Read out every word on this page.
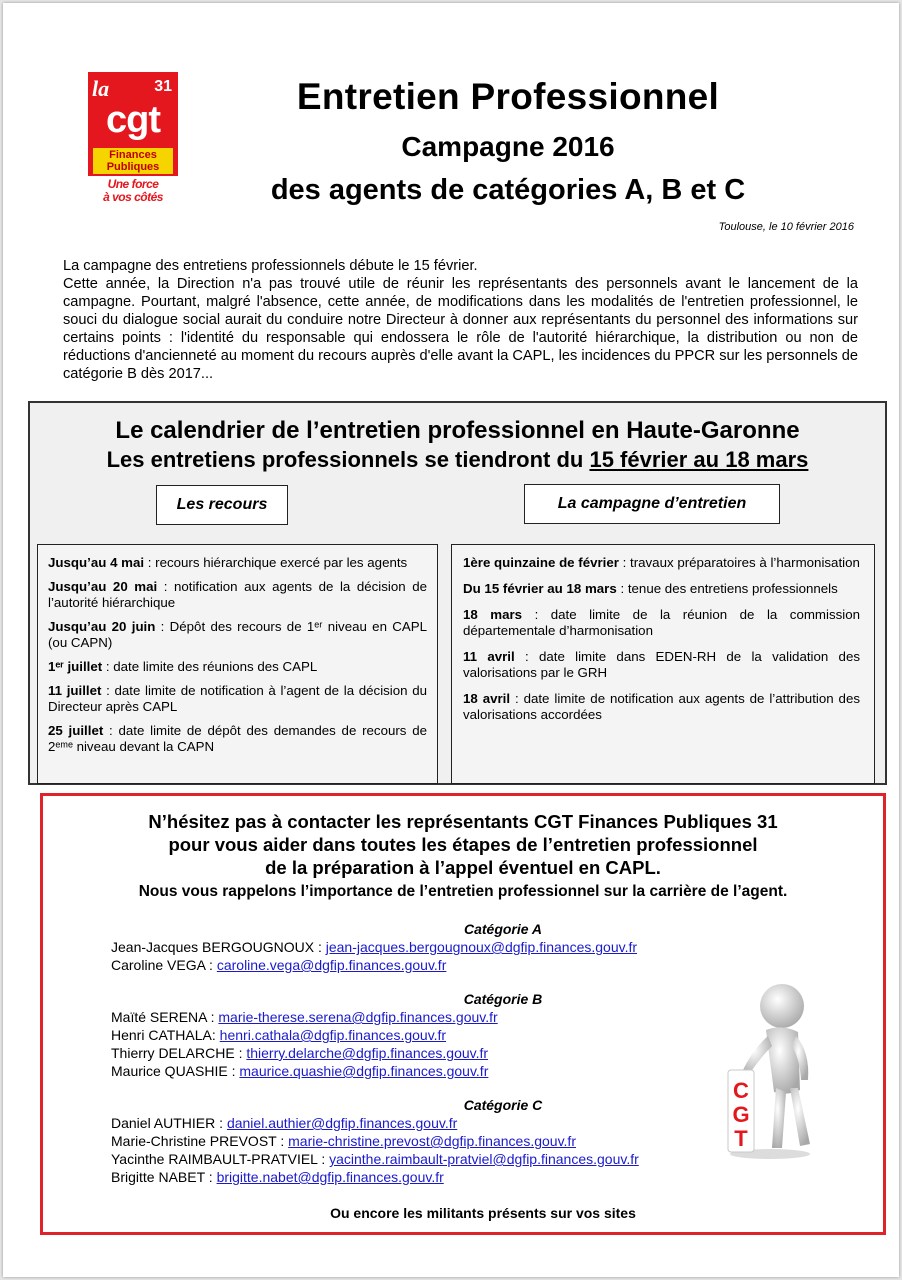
la	31
cgt
Finances Publiques
Une force
à vos côtés
Entretien Professionnel
Campagne 2016
des agents de catégories A, B et C
Toulouse, le 10 février 2016

La campagne des entretiens professionnels débute le 15 février.

Cette année, la Direction n'a pas trouvé utile de réunir les représentants des personnels avant le lancement de la campagne. Pourtant, malgré l'absence, cette année, de modifications dans les modalités de l'entretien professionnel, le souci du dialogue social aurait du conduire notre Directeur à donner aux représentants du personnel des informations sur certains points : l'identité du responsable qui endossera le rôle de l'autorité hiérarchique, la distribution ou non de réductions d'ancienneté au moment du recours auprès d'elle avant la CAPL, les incidences du PPCR sur les personnels de catégorie B dès 2017...

Le calendrier de l’entretien professionnel en Haute-Garonne
Les entretiens professionnels se tiendront du 15 février au 18 mars
Les recours	La campagne d’entretien
Jusqu’au 4 mai : recours hiérarchique exercé par les agents
Jusqu’au 20 mai : notification aux agents de la décision de l’autorité hiérarchique
Jusqu’au 20 juin : Dépôt des recours de 1ᵉʳ niveau en CAPL (ou CAPN)
1ᵉʳ juillet : date limite des réunions des CAPL
11 juillet : date limite de notification à l’agent de la décision du Directeur après CAPL
25 juillet : date limite de dépôt des demandes de recours de 2ᵉᵐᵉ niveau devant la CAPN
1ère quinzaine de février : travaux préparatoires à l’harmonisation
Du 15 février au 18 mars : tenue des entretiens professionnels
18 mars : date limite de la réunion de la commission départementale d’harmonisation
11 avril : date limite dans EDEN-RH de la validation des valorisations par le GRH
18 avril : date limite de notification aux agents de l’attribution des valorisations accordées
N’hésitez pas à contacter les représentants CGT Finances Publiques 31
pour vous aider dans toutes les étapes de l’entretien professionnel
de la préparation à l’appel éventuel en CAPL.
Nous vous rappelons l’importance de l’entretien professionnel sur la carrière de l’agent.
Catégorie A
Jean-Jacques BERGOUGNOUX : jean-jacques.bergougnoux@dgfip.finances.gouv.fr
Caroline VEGA : caroline.vega@dgfip.finances.gouv.fr
Catégorie B
Maïté SERENA : marie-therese.serena@dgfip.finances.gouv.fr
Henri CATHALA: henri.cathala@dgfip.finances.gouv.fr
Thierry DELARCHE : thierry.delarche@dgfip.finances.gouv.fr
Maurice QUASHIE : maurice.quashie@dgfip.finances.gouv.fr
Catégorie C
Daniel AUTHIER : daniel.authier@dgfip.finances.gouv.fr
Marie-Christine PREVOST : marie-christine.prevost@dgfip.finances.gouv.fr
Yacinthe RAIMBAULT-PRATVIEL : yacinthe.raimbault-pratviel@dgfip.finances.gouv.fr
Brigitte NABET : brigitte.nabet@dgfip.finances.gouv.fr
Ou encore les militants présents sur vos sites
C
G
T
